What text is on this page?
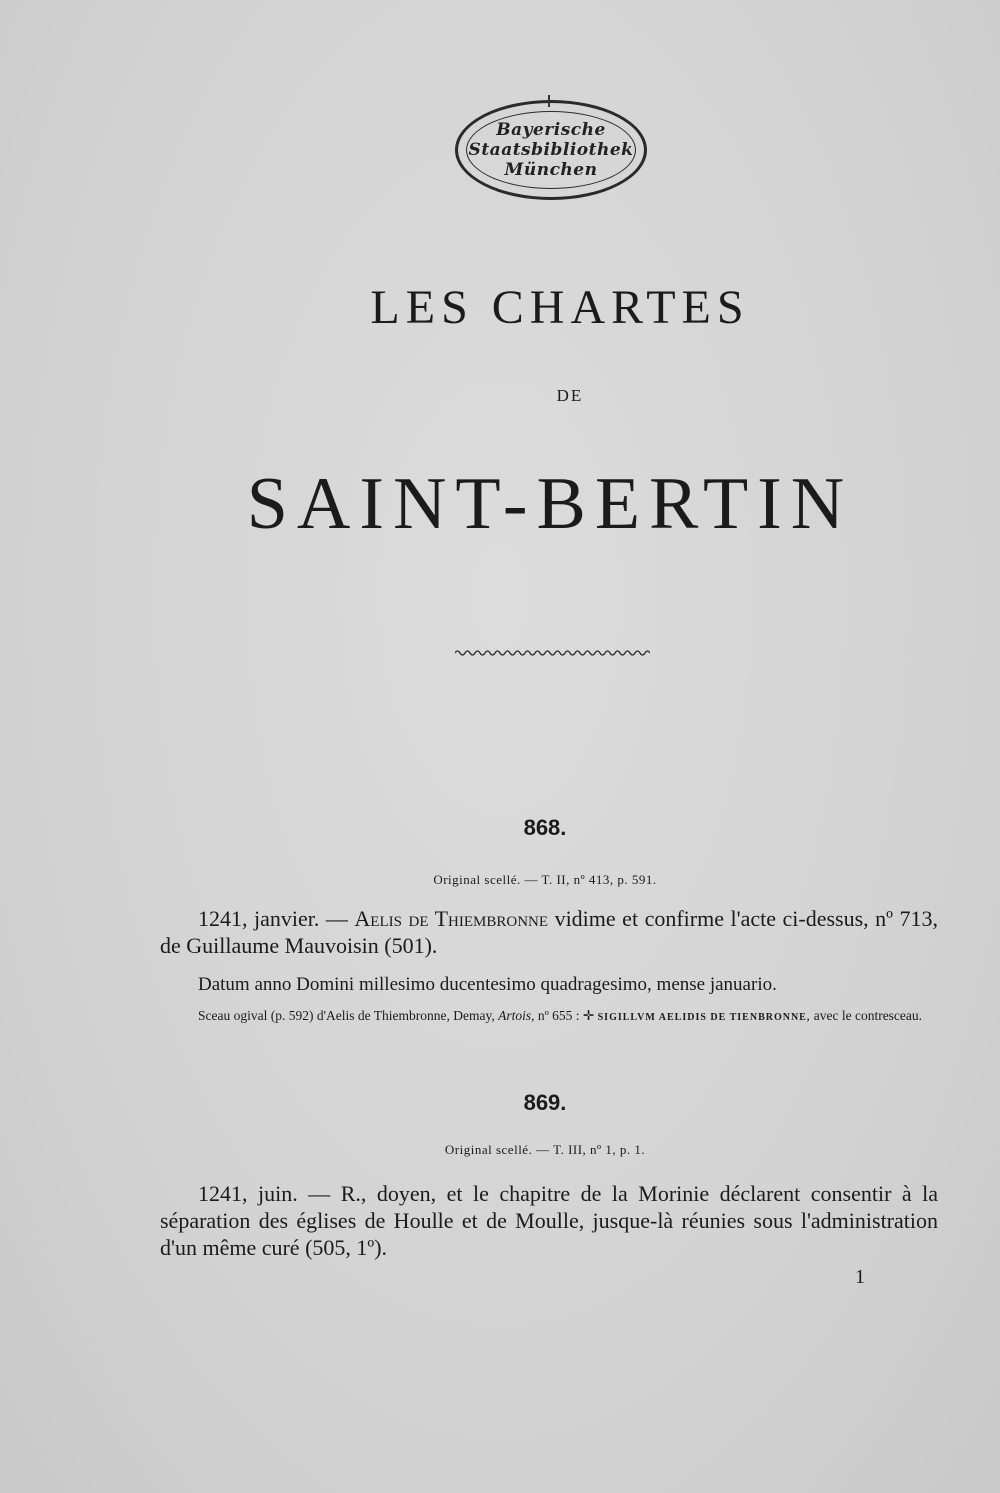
Bayerische
Staatsbibliothek
München
LES CHARTES
DE
SAINT-BERTIN
868.
Original scellé. — T. II, nº 413, p. 591.
1241, janvier. — Aelis de Thiembronne vidime et confirme l'acte ci-dessus, nº 713, de Guillaume Mauvoisin (501).
Datum anno Domini millesimo ducentesimo quadragesimo, mense januario.
Sceau ogival (p. 592) d'Aelis de Thiembronne, Demay, Artois, nº 655 : ✛ SIGILLVM AELIDIS DE TIENBRONNE, avec le contresceau.
869.
Original scellé. — T. III, nº 1, p. 1.
1241, juin. — R., doyen, et le chapitre de la Morinie déclarent consentir à la séparation des églises de Houlle et de Moulle, jusque-là réunies sous l'administration d'un même curé (505, 1º).
1
